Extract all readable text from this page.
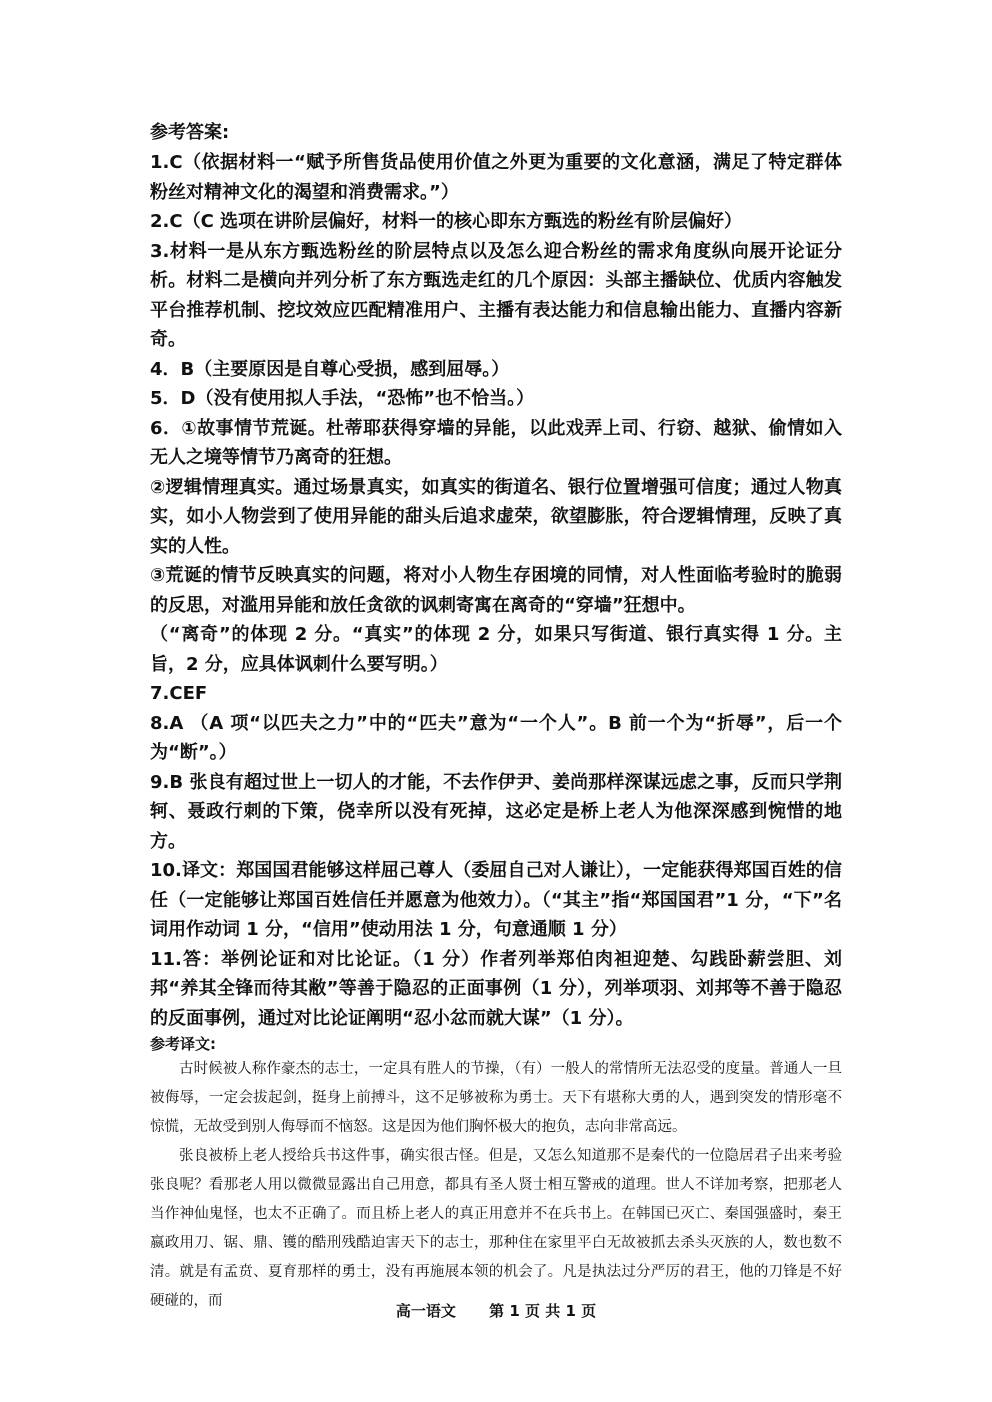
参考答案:

1.C（依据材料一“赋予所售货品使用价值之外更为重要的文化意涵，满足了特定群体粉丝对精神文化的渴望和消费需求。”）

2.C（C 选项在讲阶层偏好，材料一的核心即东方甄选的粉丝有阶层偏好）

3.材料一是从东方甄选粉丝的阶层特点以及怎么迎合粉丝的需求角度纵向展开论证分析。材料二是横向并列分析了东方甄选走红的几个原因：头部主播缺位、优质内容触发平台推荐机制、挖坟效应匹配精准用户、主播有表达能力和信息输出能力、直播内容新奇。

4．B（主要原因是自尊心受损，感到屈辱。）

5．D（没有使用拟人手法，“恐怖”也不恰当。）

6．①故事情节荒诞。杜蒂耶获得穿墙的异能，以此戏弄上司、行窃、越狱、偷情如入无人之境等情节乃离奇的狂想。

②逻辑情理真实。通过场景真实，如真实的街道名、银行位置增强可信度；通过人物真实，如小人物尝到了使用异能的甜头后追求虚荣，欲望膨胀，符合逻辑情理，反映了真实的人性。

③荒诞的情节反映真实的问题，将对小人物生存困境的同情，对人性面临考验时的脆弱的反思，对滥用异能和放任贪欲的讽刺寄寓在离奇的“穿墙”狂想中。

（“离奇”的体现 2 分。“真实”的体现 2 分，如果只写街道、银行真实得 1 分。主旨，2 分，应具体讽刺什么要写明。）

7.CEF

8.A （A 项“以匹夫之力”中的“匹夫”意为“一个人”。B 前一个为“折辱”，后一个为“断”。）

9.B 张良有超过世上一切人的才能，不去作伊尹、姜尚那样深谋远虑之事，反而只学荆轲、聂政行刺的下策，侥幸所以没有死掉，这必定是桥上老人为他深深感到惋惜的地方。

10.译文：郑国国君能够这样屈己尊人（委屈自己对人谦让），一定能获得郑国百姓的信任（一定能够让郑国百姓信任并愿意为他效力）。（“其主”指“郑国国君”1 分，“下”名词用作动词 1 分，“信用”使动用法 1 分，句意通顺 1 分）

11.答：举例论证和对比论证。（1 分）作者列举郑伯肉袒迎楚、勾践卧薪尝胆、刘邦“养其全锋而待其敝”等善于隐忍的正面事例（1 分），列举项羽、刘邦等不善于隐忍的反面事例，通过对比论证阐明“忍小忿而就大谋”（1 分）。

参考译文:

古时候被人称作豪杰的志士，一定具有胜人的节操，（有）一般人的常情所无法忍受的度量。普通人一旦被侮辱，一定会拔起剑，挺身上前搏斗，这不足够被称为勇士。天下有堪称大勇的人，遇到突发的情形毫不惊慌，无故受到别人侮辱而不恼怒。这是因为他们胸怀极大的抱负，志向非常高远。

张良被桥上老人授给兵书这件事，确实很古怪。但是，又怎么知道那不是秦代的一位隐居君子出来考验张良呢？看那老人用以微微显露出自己用意，都具有圣人贤士相互警戒的道理。世人不详加考察，把那老人当作神仙鬼怪，也太不正确了。而且桥上老人的真正用意并不在兵书上。在韩国已灭亡、秦国强盛时，秦王嬴政用刀、锯、鼎、镬的酷刑残酷迫害天下的志士，那种住在家里平白无故被抓去杀头灭族的人，数也数不清。就是有孟贲、夏育那样的勇士，没有再施展本领的机会了。凡是执法过分严厉的君王，他的刀锋是不好硬碰的，而

高一语文 第 1 页 共 1 页
